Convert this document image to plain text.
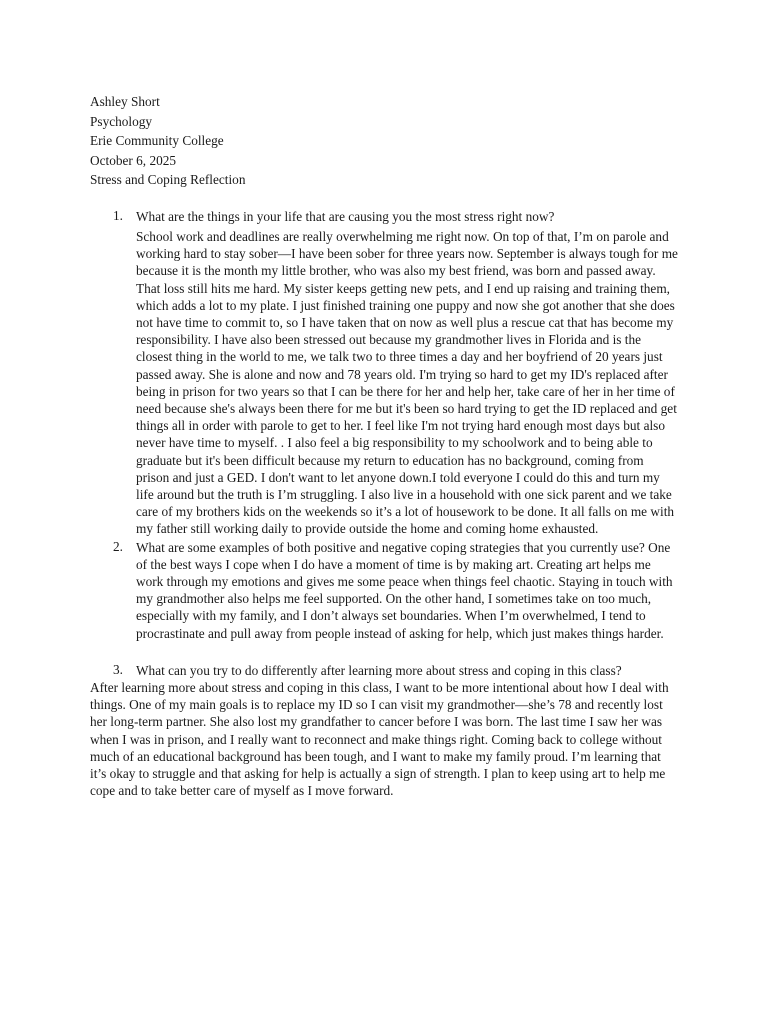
Ashley Short

Psychology

Erie Community College

October 6, 2025

Stress and Coping Reflection

1. What are the things in your life that are causing you the most stress right now?

School work and deadlines are really overwhelming me right now. On top of that, I’m on parole and working hard to stay sober—I have been sober for three years now. September is always tough for me because it is the month my little brother, who was also my best friend, was born and passed away. That loss still hits me hard. My sister keeps getting new pets, and I end up raising and training them, which adds a lot to my plate. I just finished training one puppy and now she got another that she does not have time to commit to, so I have taken that on now as well plus a rescue cat that has become my responsibility. I have also been stressed out because my grandmother lives in Florida and is the closest thing in the world to me, we talk two to three times a day and her boyfriend of 20 years just passed away. She is alone and now and 78 years old. I'm trying so hard to get my ID's replaced after being in prison for two years so that I can be there for her and help her, take care of her in her time of need because she's always been there for me but it's been so hard trying to get the ID replaced and get things all in order with parole to get to her. I feel like I'm not trying hard enough most days but also never have time to myself. . I also feel a big responsibility to my schoolwork and to being able to graduate but it's been difficult because my return to education has no background, coming from prison and just a GED. I don't want to let anyone down.I told everyone I could do this and turn my life around but the truth is I’m struggling. I also live in a household with one sick parent and we take care of my brothers kids on the weekends so it’s a lot of housework to be done. It all falls on me with my father still working daily to provide outside the home and coming home exhausted.

2. What are some examples of both positive and negative coping strategies that you currently use? One of the best ways I cope when I do have a moment of time is by making art. Creating art helps me work through my emotions and gives me some peace when things feel chaotic. Staying in touch with my grandmother also helps me feel supported. On the other hand, I sometimes take on too much, especially with my family, and I don’t always set boundaries. When I’m overwhelmed, I tend to procrastinate and pull away from people instead of asking for help, which just makes things harder.

3. What can you try to do differently after learning more about stress and coping in this class?

After learning more about stress and coping in this class, I want to be more intentional about how I deal with things. One of my main goals is to replace my ID so I can visit my grandmother—she’s 78 and recently lost her long-term partner. She also lost my grandfather to cancer before I was born. The last time I saw her was when I was in prison, and I really want to reconnect and make things right. Coming back to college without much of an educational background has been tough, and I want to make my family proud. I’m learning that it’s okay to struggle and that asking for help is actually a sign of strength. I plan to keep using art to help me cope and to take better care of myself as I move forward.
